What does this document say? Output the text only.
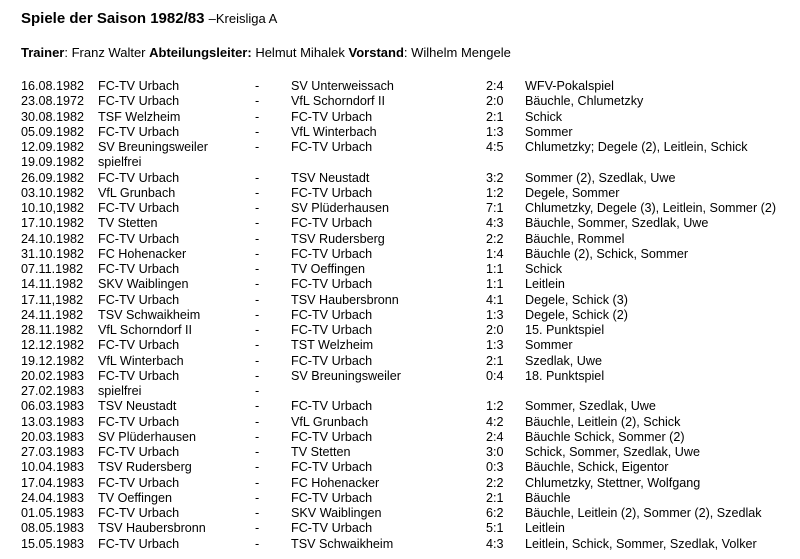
Spiele der Saison 1982/83 –Kreisliga A
Trainer: Franz Walter Abteilungsleiter: Helmut Mihalek Vorstand: Wilhelm Mengele
16.08.1982 FC-TV Urbach	-	SV Unterweissach	2:4 WFV-Pokalspiel
23.08.1972 FC-TV Urbach	-	VfL Schorndorf II	2:0 Bäuchle, Chlumetzky
30.08.1982 TSF Welzheim	-	FC-TV Urbach	2:1 Schick
05.09.1982 FC-TV Urbach	-	VfL Winterbach	1:3 Sommer
12.09.1982 SV Breuningsweiler	-	FC-TV Urbach	4:5 Chlumetzky; Degele (2), Leitlein, Schick
19.09.1982 spielfrei
26.09.1982 FC-TV Urbach	-	TSV Neustadt	3:2 Sommer (2), Szedlak, Uwe
03.10.1982 VfL Grunbach	-	FC-TV Urbach	1:2 Degele, Sommer
10.10,1982 FC-TV Urbach	-	SV Plüderhausen	7:1 Chlumetzky, Degele (3), Leitlein, Sommer (2)
17.10.1982 TV Stetten	-	FC-TV Urbach	4:3 Bäuchle, Sommer, Szedlak, Uwe
24.10.1982 FC-TV Urbach	-	TSV Rudersberg	2:2 Bäuchle, Rommel
31.10.1982 FC Hohenacker	-	FC-TV Urbach	1:4 Bäuchle (2), Schick, Sommer
07.11.1982 FC-TV Urbach	-	TV Oeffingen	1:1 Schick
14.11.1982 SKV Waiblingen	-	FC-TV Urbach	1:1 Leitlein
17.11,1982 FC-TV Urbach	-	TSV Haubersbronn	4:1 Degele, Schick (3)
24.11.1982 TSV Schwaikheim	-	FC-TV Urbach	1:3 Degele, Schick (2)
28.11.1982 VfL Schorndorf II	-	FC-TV Urbach	2:0 15. Punktspiel
12.12.1982 FC-TV Urbach	-	TST Welzheim	1:3 Sommer
19.12.1982 VfL Winterbach	-	FC-TV Urbach	2:1 Szedlak, Uwe
20.02.1983 FC-TV Urbach	-	SV Breuningsweiler	0:4 18. Punktspiel
27.02.1983 spielfrei	-
06.03.1983 TSV Neustadt	-	FC-TV Urbach	1:2 Sommer, Szedlak, Uwe
13.03.1983 FC-TV Urbach	-	VfL Grunbach	4:2 Bäuchle, Leitlein (2), Schick
20.03.1983 SV Plüderhausen	-	FC-TV Urbach	2:4 Bäuchle Schick, Sommer (2)
27.03.1983 FC-TV Urbach	-	TV Stetten	3:0 Schick, Sommer, Szedlak, Uwe
10.04.1983 TSV Rudersberg	-	FC-TV Urbach	0:3 Bäuchle, Schick, Eigentor
17.04.1983 FC-TV Urbach	-	FC Hohenacker	2:2 Chlumetzky, Stettner, Wolfgang
24.04.1983 TV Oeffingen	-	FC-TV Urbach	2:1 Bäuchle
01.05.1983 FC-TV Urbach	-	SKV Waiblingen	6:2 Bäuchle, Leitlein (2), Sommer (2), Szedlak
08.05.1983 TSV Haubersbronn	-	FC-TV Urbach	5:1 Leitlein
15.05.1983 FC-TV Urbach	-	TSV Schwaikheim	4:3 Leitlein, Schick, Sommer, Szedlak, Volker
